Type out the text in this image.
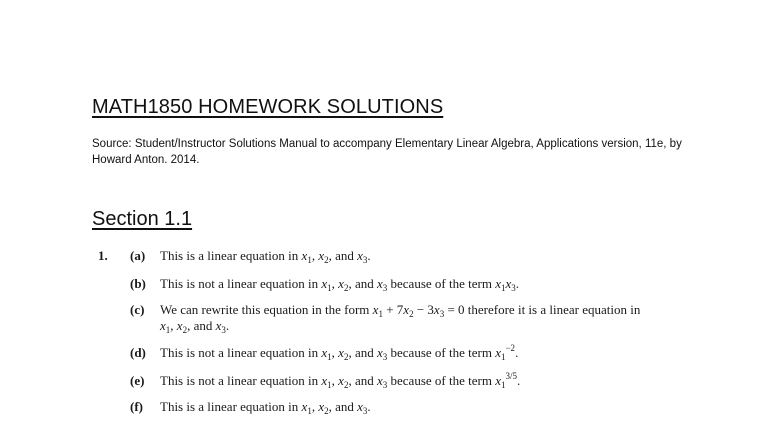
MATH1850 HOMEWORK SOLUTIONS
Source: Student/Instructor Solutions Manual to accompany Elementary Linear Algebra, Applications version, 11e, by Howard Anton. 2014.
Section 1.1
1. (a) This is a linear equation in $x_1$, $x_2$, and $x_3$.
(b) This is not a linear equation in $x_1$, $x_2$, and $x_3$ because of the term $x_1x_3$.
(c) We can rewrite this equation in the form $x_1 + 7x_2 - 3x_3 = 0$ therefore it is a linear equation in
$x_1$, $x_2$, and $x_3$.
(d) This is not a linear equation in $x_1$, $x_2$, and $x_3$ because of the term $x_1^{-2}$.
(e) This is not a linear equation in $x_1$, $x_2$, and $x_3$ because of the term $x_1^{3/5}$.
(f) This is a linear equation in $x_1$, $x_2$, and $x_3$.
